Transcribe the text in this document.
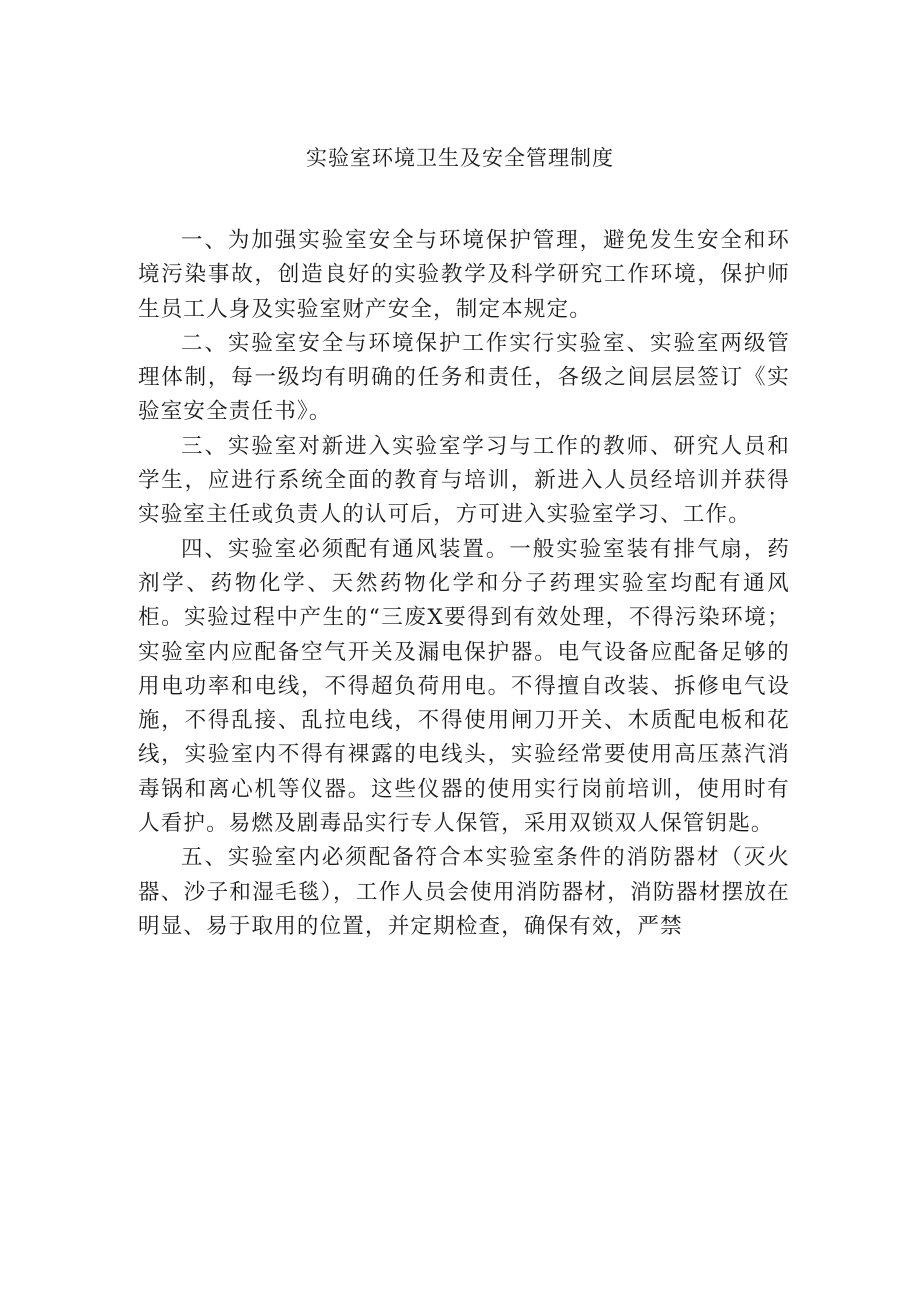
实验室环境卫生及安全管理制度

一、为加强实验室安全与环境保护管理，避免发生安全和环境污染事故，创造良好的实验教学及科学研究工作环境，保护师生员工人身及实验室财产安全，制定本规定。

二、实验室安全与环境保护工作实行实验室、实验室两级管理体制，每一级均有明确的任务和责任，各级之间层层签订《实验室安全责任书》。

三、实验室对新进入实验室学习与工作的教师、研究人员和学生，应进行系统全面的教育与培训，新进入人员经培训并获得实验室主任或负责人的认可后，方可进入实验室学习、工作。

四、实验室必须配有通风装置。一般实验室装有排气扇，药剂学、药物化学、天然药物化学和分子药理实验室均配有通风柜。实验过程中产生的“三废X要得到有效处理，不得污染环境；实验室内应配备空气开关及漏电保护器。电气设备应配备足够的用电功率和电线，不得超负荷用电。不得擅自改装、拆修电气设施，不得乱接、乱拉电线，不得使用闸刀开关、木质配电板和花线，实验室内不得有裸露的电线头，实验经常要使用高压蒸汽消毒锅和离心机等仪器。这些仪器的使用实行岗前培训，使用时有人看护。易燃及剧毒品实行专人保管，采用双锁双人保管钥匙。

五、实验室内必须配备符合本实验室条件的消防器材（灭火器、沙子和湿毛毯），工作人员会使用消防器材，消防器材摆放在明显、易于取用的位置，并定期检查，确保有效，严禁
